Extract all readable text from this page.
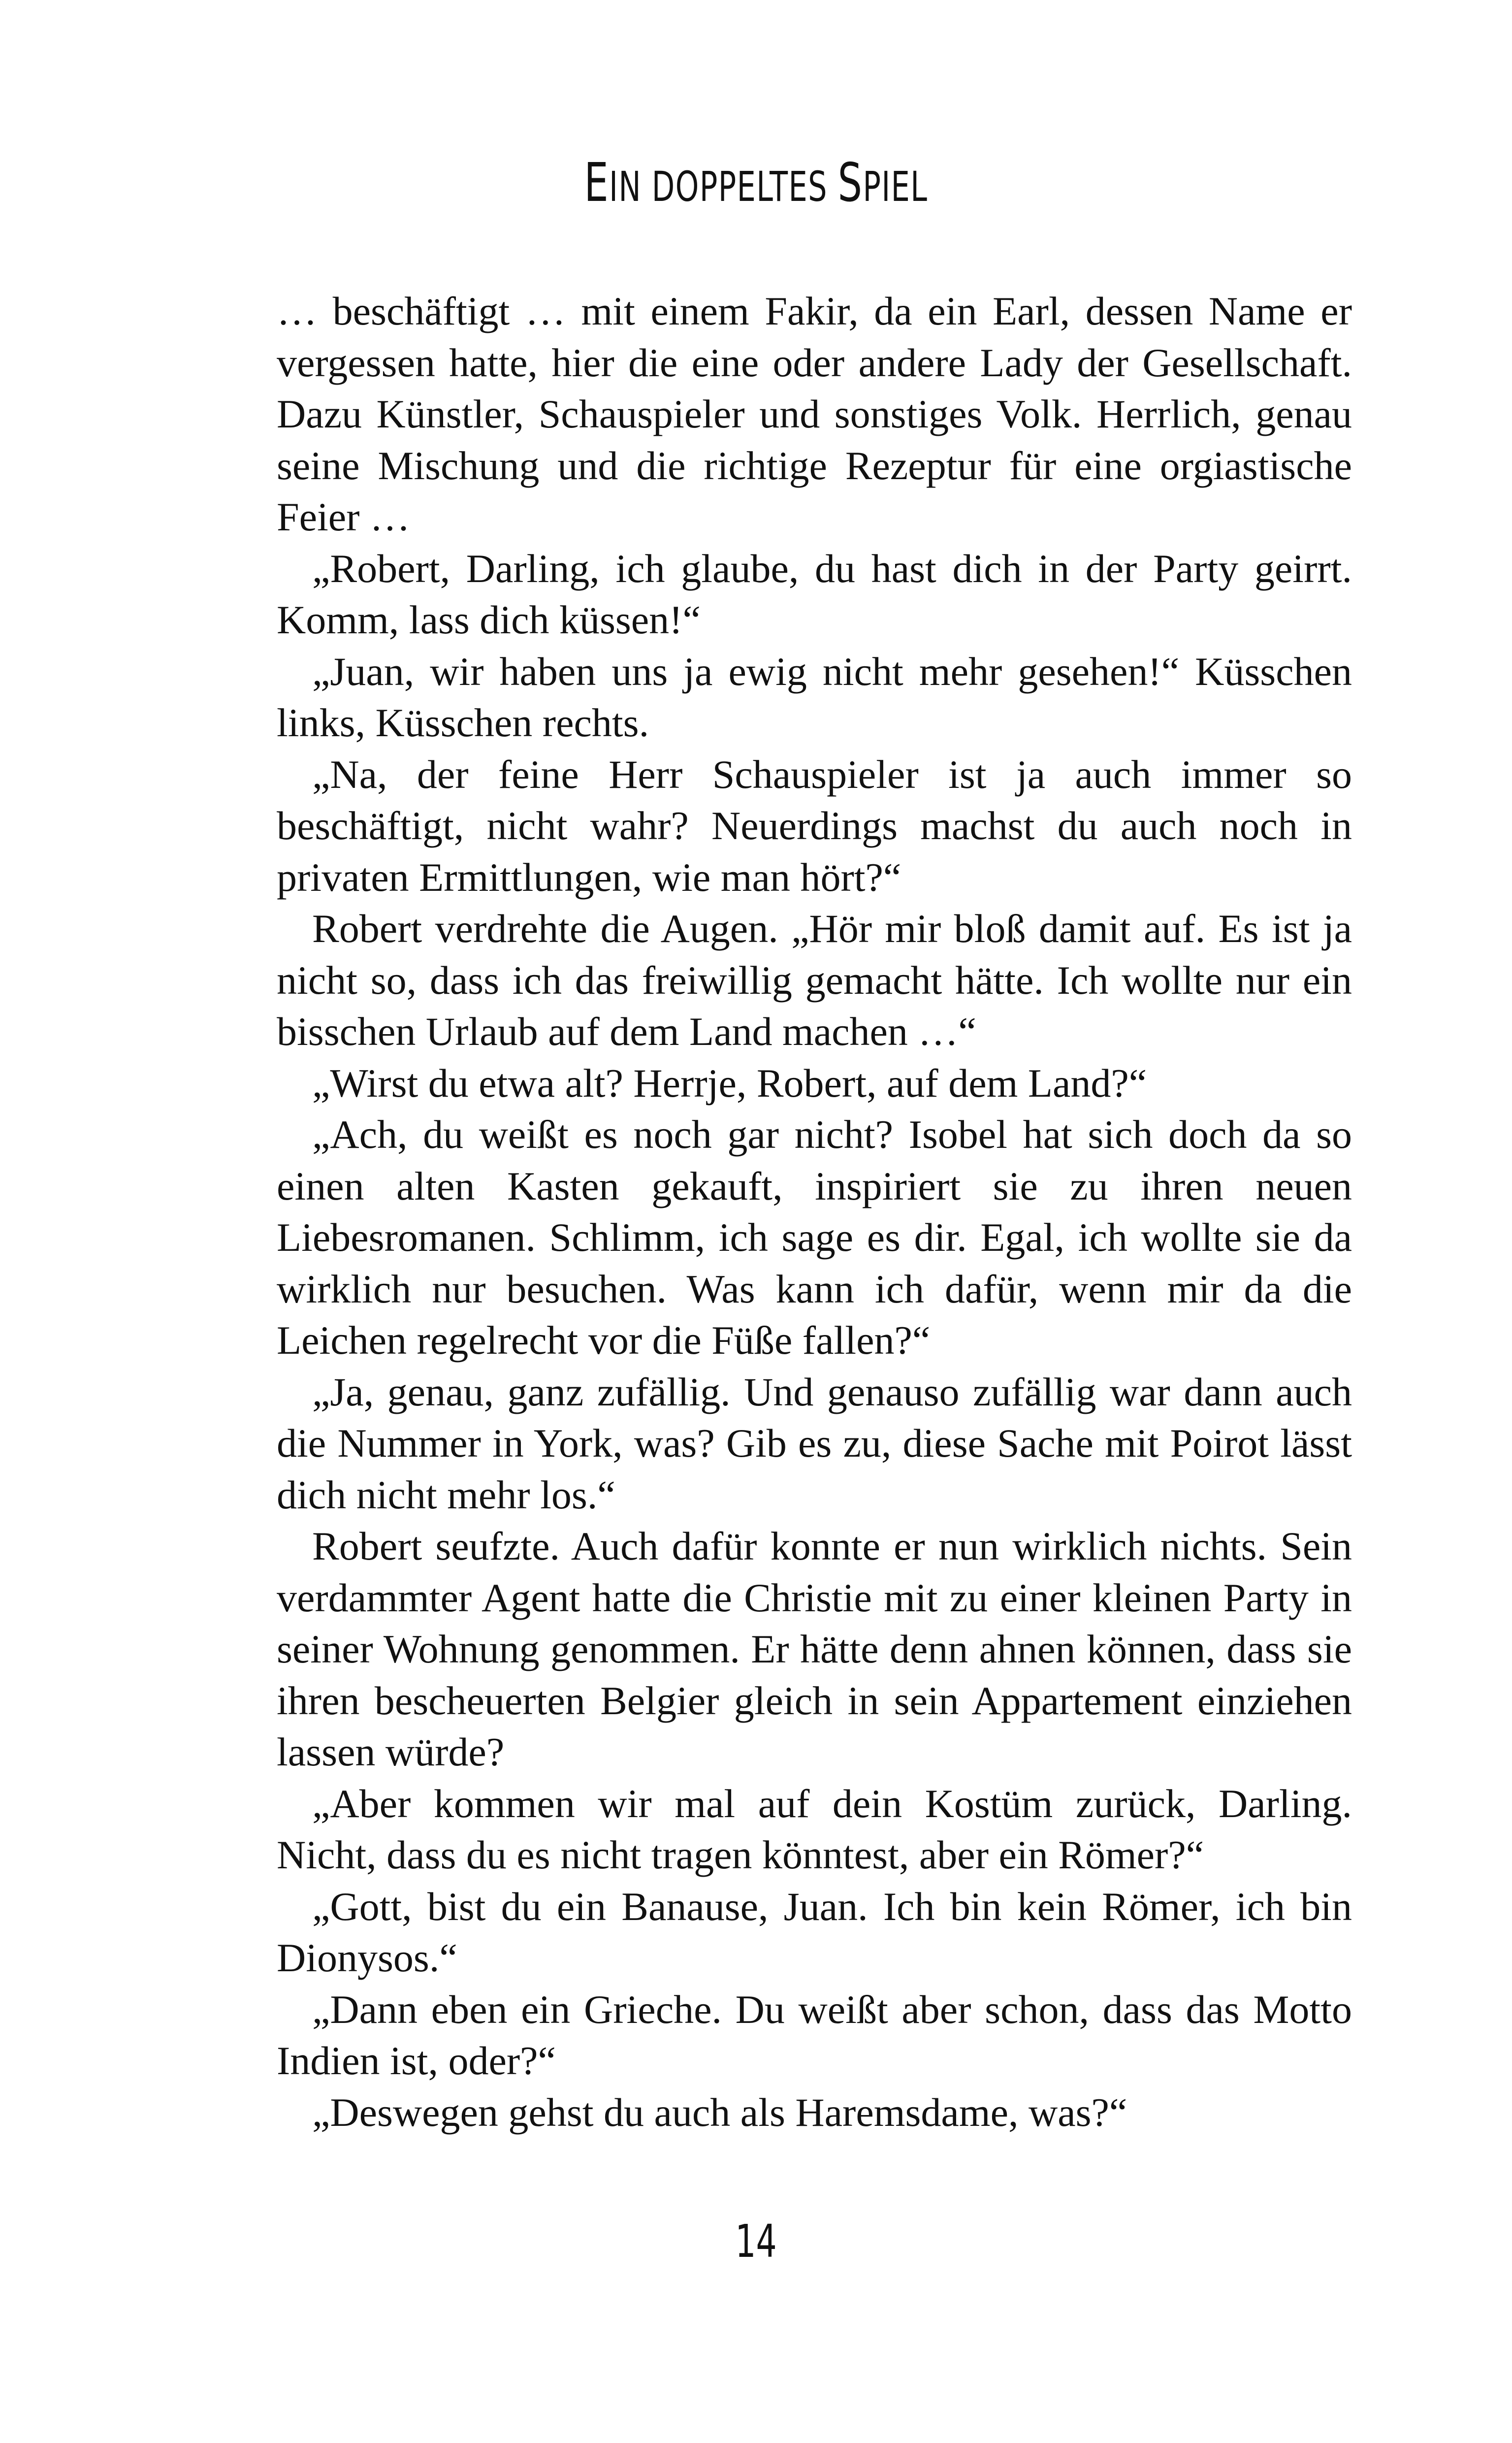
EIN DOPPELTES SPIEL

… beschäftigt … mit einem Fakir, da ein Earl, dessen Name er vergessen hatte, hier die eine oder andere Lady der Gesellschaft. Dazu Künstler, Schauspieler und sonstiges Volk. Herrlich, genau seine Mischung und die richtige Rezeptur für eine orgiastische Feier …

„Robert, Darling, ich glaube, du hast dich in der Party geirrt. Komm, lass dich küssen!“

„Juan, wir haben uns ja ewig nicht mehr gesehen!“ Küsschen links, Küsschen rechts.

„Na, der feine Herr Schauspieler ist ja auch immer so beschäftigt, nicht wahr? Neuerdings machst du auch noch in privaten Ermittlungen, wie man hört?“

Robert verdrehte die Augen. „Hör mir bloß damit auf. Es ist ja nicht so, dass ich das freiwillig gemacht hätte. Ich wollte nur ein bisschen Urlaub auf dem Land machen …“

„Wirst du etwa alt? Herrje, Robert, auf dem Land?“

„Ach, du weißt es noch gar nicht? Isobel hat sich doch da so einen alten Kasten gekauft, inspiriert sie zu ihren neuen Liebesromanen. Schlimm, ich sage es dir. Egal, ich wollte sie da wirklich nur besuchen. Was kann ich dafür, wenn mir da die Leichen regelrecht vor die Füße fallen?“

„Ja, genau, ganz zufällig. Und genauso zufällig war dann auch die Nummer in York, was? Gib es zu, diese Sache mit Poirot lässt dich nicht mehr los.“

Robert seufzte. Auch dafür konnte er nun wirklich nichts. Sein verdammter Agent hatte die Christie mit zu einer kleinen Party in seiner Wohnung genommen. Er hätte denn ahnen können, dass sie ihren bescheuerten Belgier gleich in sein Appartement einziehen lassen würde?

„Aber kommen wir mal auf dein Kostüm zurück, Darling. Nicht, dass du es nicht tragen könntest, aber ein Römer?“

„Gott, bist du ein Banause, Juan. Ich bin kein Römer, ich bin Dionysos.“

„Dann eben ein Grieche. Du weißt aber schon, dass das Motto Indien ist, oder?“

„Deswegen gehst du auch als Haremsdame, was?“

14
